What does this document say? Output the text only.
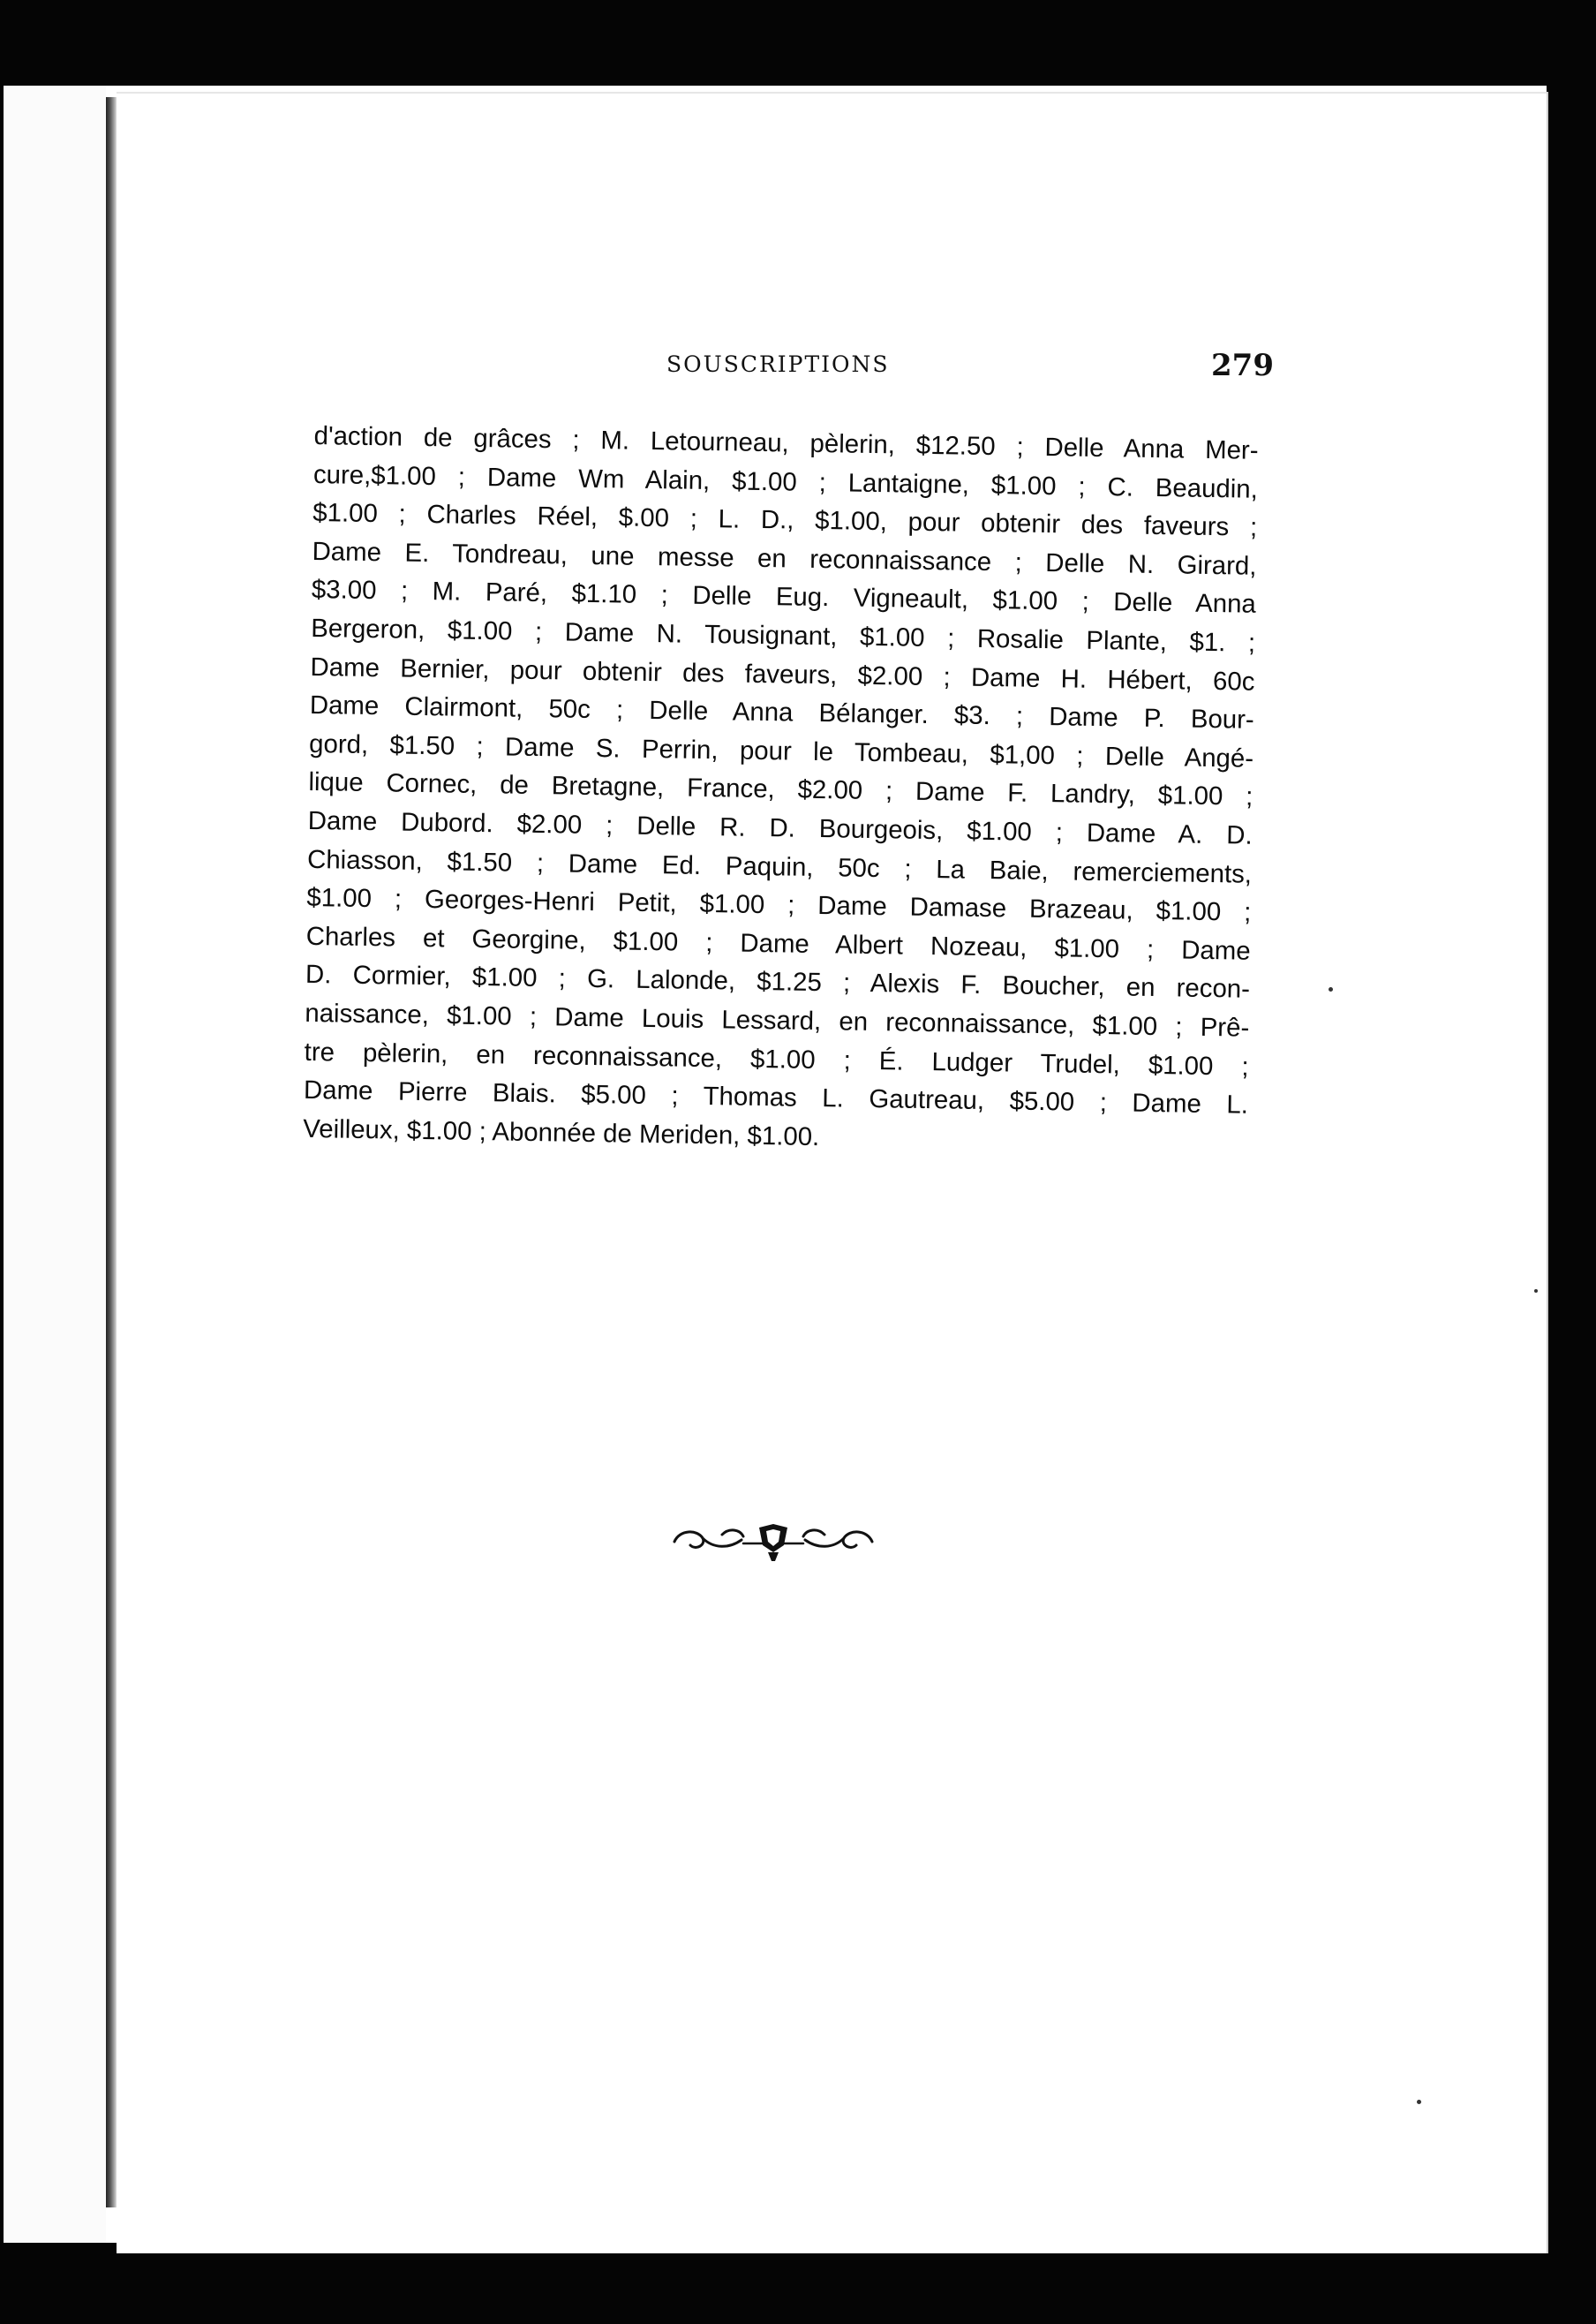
SOUSCRIPTIONS	279
d'action de grâces ; M. Letourneau, pèlerin, $12.50 ; Delle Anna Mer-
cure,$1.00 ; Dame Wm Alain, $1.00 ; Lantaigne, $1.00 ; C. Beaudin,
$1.00 ; Charles Réel, $.00 ; L. D., $1.00, pour obtenir des faveurs ;
Dame E. Tondreau, une messe en reconnaissance ; Delle N. Girard,
$3.00 ; M. Paré, $1.10 ; Delle Eug. Vigneault, $1.00 ; Delle Anna
Bergeron, $1.00 ; Dame N. Tousignant, $1.00 ; Rosalie Plante, $1. ;
Dame Bernier, pour obtenir des faveurs, $2.00 ; Dame H. Hébert, 60c
Dame Clairmont, 50c ; Delle Anna Bélanger. $3. ; Dame P. Bour-
gord, $1.50 ; Dame S. Perrin, pour le Tombeau, $1,00 ; Delle Angé-
lique Cornec, de Bretagne, France, $2.00 ; Dame F. Landry, $1.00 ;
Dame Dubord. $2.00 ; Delle R. D. Bourgeois, $1.00 ; Dame A. D.
Chiasson, $1.50 ; Dame Ed. Paquin, 50c ; La Baie, remerciements,
$1.00 ; Georges-Henri Petit, $1.00 ; Dame Damase Brazeau, $1.00 ;
Charles et Georgine, $1.00 ; Dame Albert Nozeau, $1.00 ; Dame
D. Cormier, $1.00 ; G. Lalonde, $1.25 ; Alexis F. Boucher, en recon-
naissance, $1.00 ; Dame Louis Lessard, en reconnaissance, $1.00 ; Prê-
tre pèlerin, en reconnaissance, $1.00 ; É. Ludger Trudel, $1.00 ;
Dame Pierre Blais. $5.00 ; Thomas L. Gautreau, $5.00 ; Dame L.
Veilleux, $1.00 ; Abonnée de Meriden, $1.00.
